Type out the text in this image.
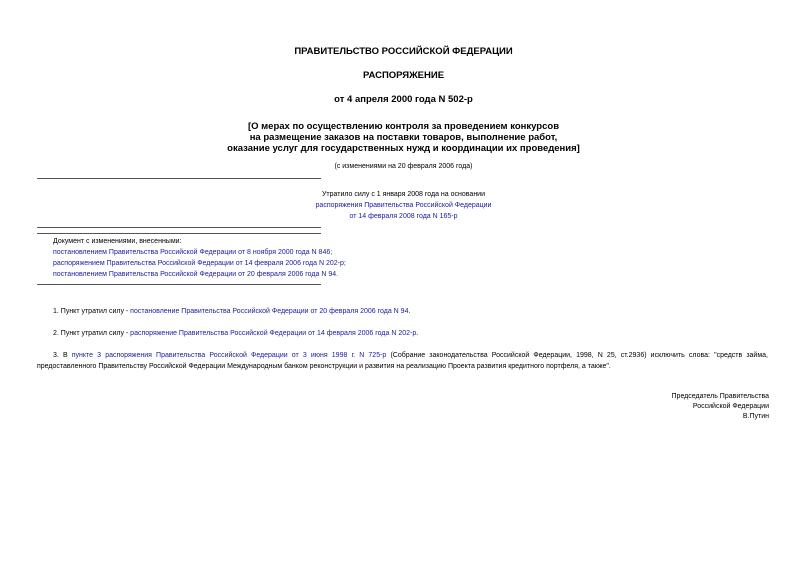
ПРАВИТЕЛЬСТВО РОССИЙСКОЙ ФЕДЕРАЦИИ
РАСПОРЯЖЕНИЕ
от 4 апреля 2000 года N 502-р
[О мерах по осуществлению контроля за проведением конкурсов
на размещение заказов на поставки товаров, выполнение работ,
оказание услуг для государственных нужд и координации их проведения]
(с изменениями на 20 февраля 2006 года)
Утратило силу с 1 января 2008 года на основании
распоряжения Правительства Российской Федерации
от 14 февраля 2008 года N 165-р
Документ с изменениями, внесенными:
постановлением Правительства Российской Федерации от 8 ноября 2000 года N 846;
распоряжением Правительства Российской Федерации от 14 февраля 2006 года N 202-р;
постановлением Правительства Российской Федерации от 20 февраля 2006 года N 94.
1. Пункт утратил силу - постановление Правительства Российской Федерации от 20 февраля 2006 года N 94.
2. Пункт утратил силу - распоряжение Правительства Российской Федерации от 14 февраля 2006 года N 202-р.
3. В пункте 3 распоряжения Правительства Российской Федерации от 3 июня 1998 г. N 725-р (Собрание законодательства Российской Федерации, 1998, N 25, ст.2936) исключить слова: "средств займа, предоставленного Правительству Российской Федерации Международным банком реконструкции и развития на реализацию Проекта развития кредитного портфеля, а также".
Председатель Правительства
Российской Федерации
В.Путин
